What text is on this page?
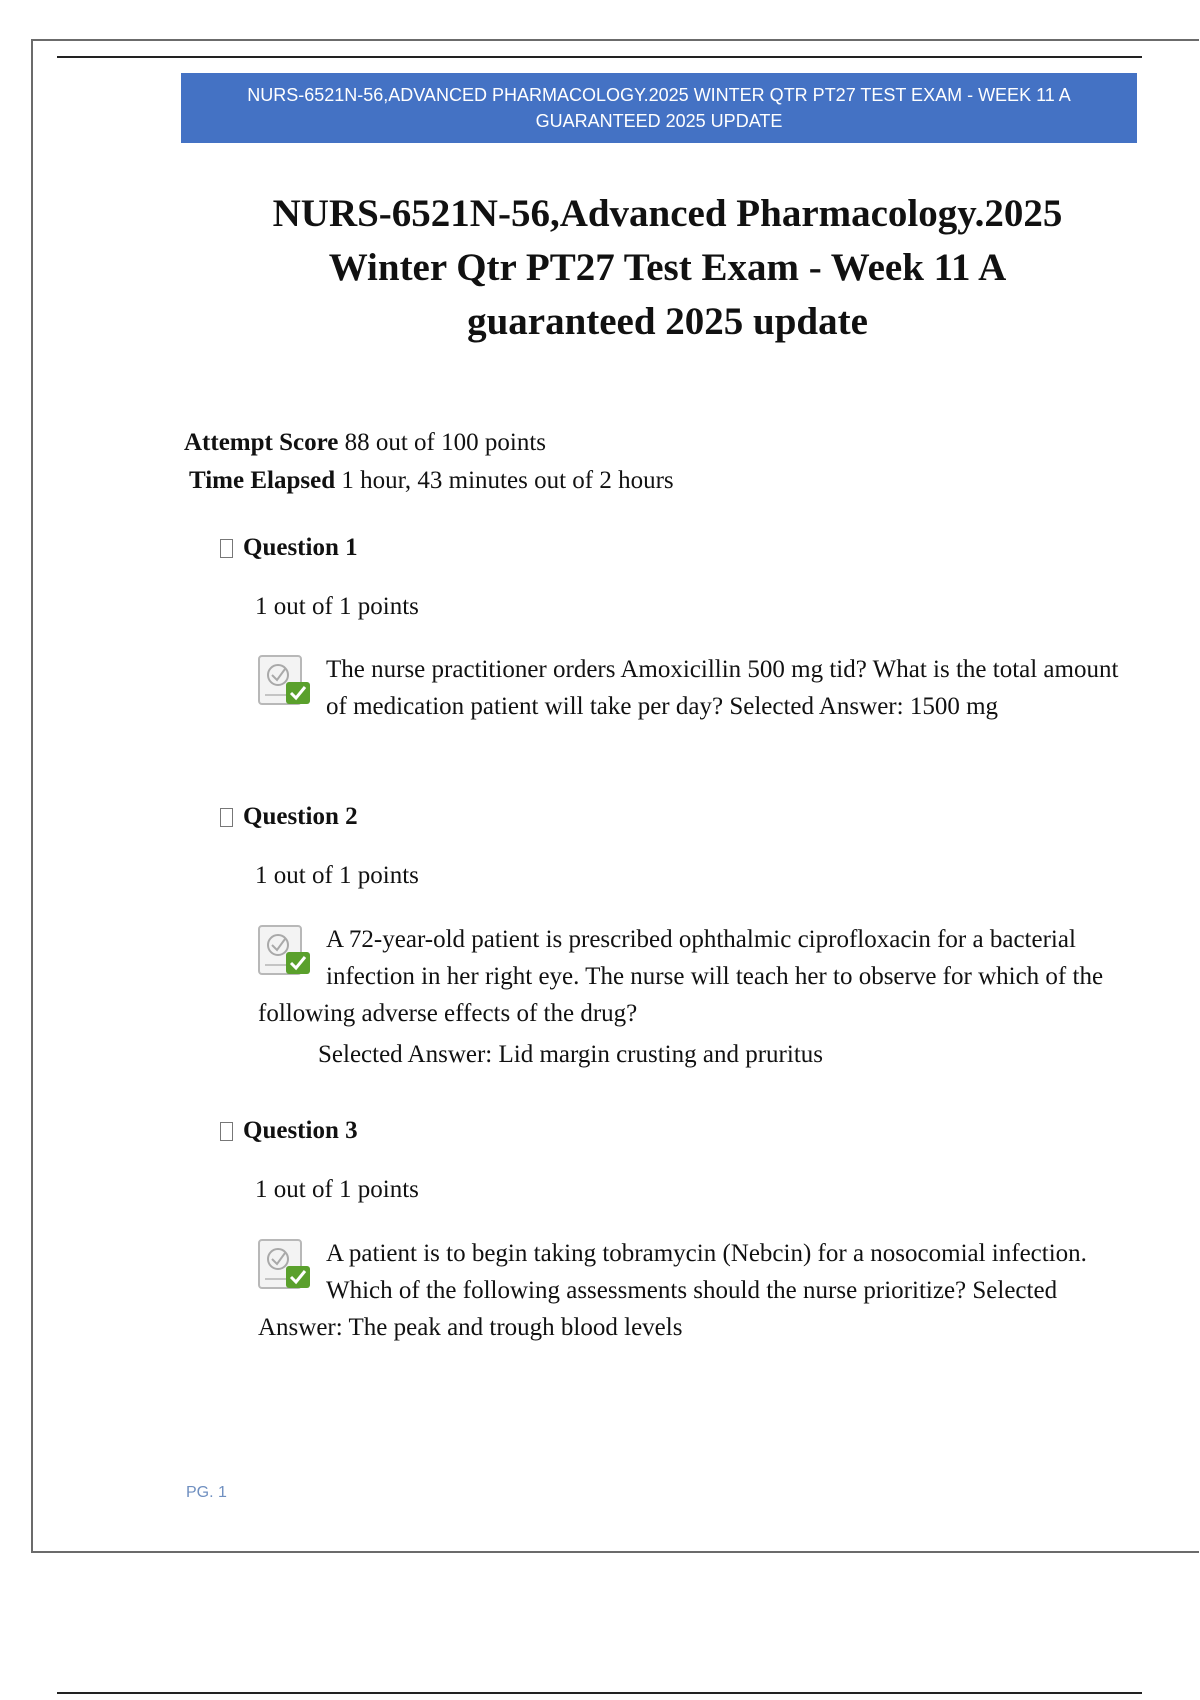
NURS-6521N-56,ADVANCED PHARMACOLOGY.2025 WINTER QTR PT27 TEST EXAM - WEEK 11 A GUARANTEED 2025 UPDATE
NURS-6521N-56,Advanced Pharmacology.2025
Winter Qtr PT27 Test Exam - Week 11 A
guaranteed 2025 update
Attempt Score 88 out of 100 points
Time Elapsed 1 hour, 43 minutes out of 2 hours
Question 1
1 out of 1 points
The nurse practitioner orders Amoxicillin 500 mg tid? What is the total amount of medication patient will take per day? Selected Answer: 1500 mg
Question 2
1 out of 1 points
A 72-year-old patient is prescribed ophthalmic ciprofloxacin for a bacterial infection in her right eye. The nurse will teach her to observe for which of the following adverse effects of the drug?
Selected Answer: Lid margin crusting and pruritus
Question 3
1 out of 1 points
A patient is to begin taking tobramycin (Nebcin) for a nosocomial infection. Which of the following assessments should the nurse prioritize? Selected Answer: The peak and trough blood levels
PG. 1
